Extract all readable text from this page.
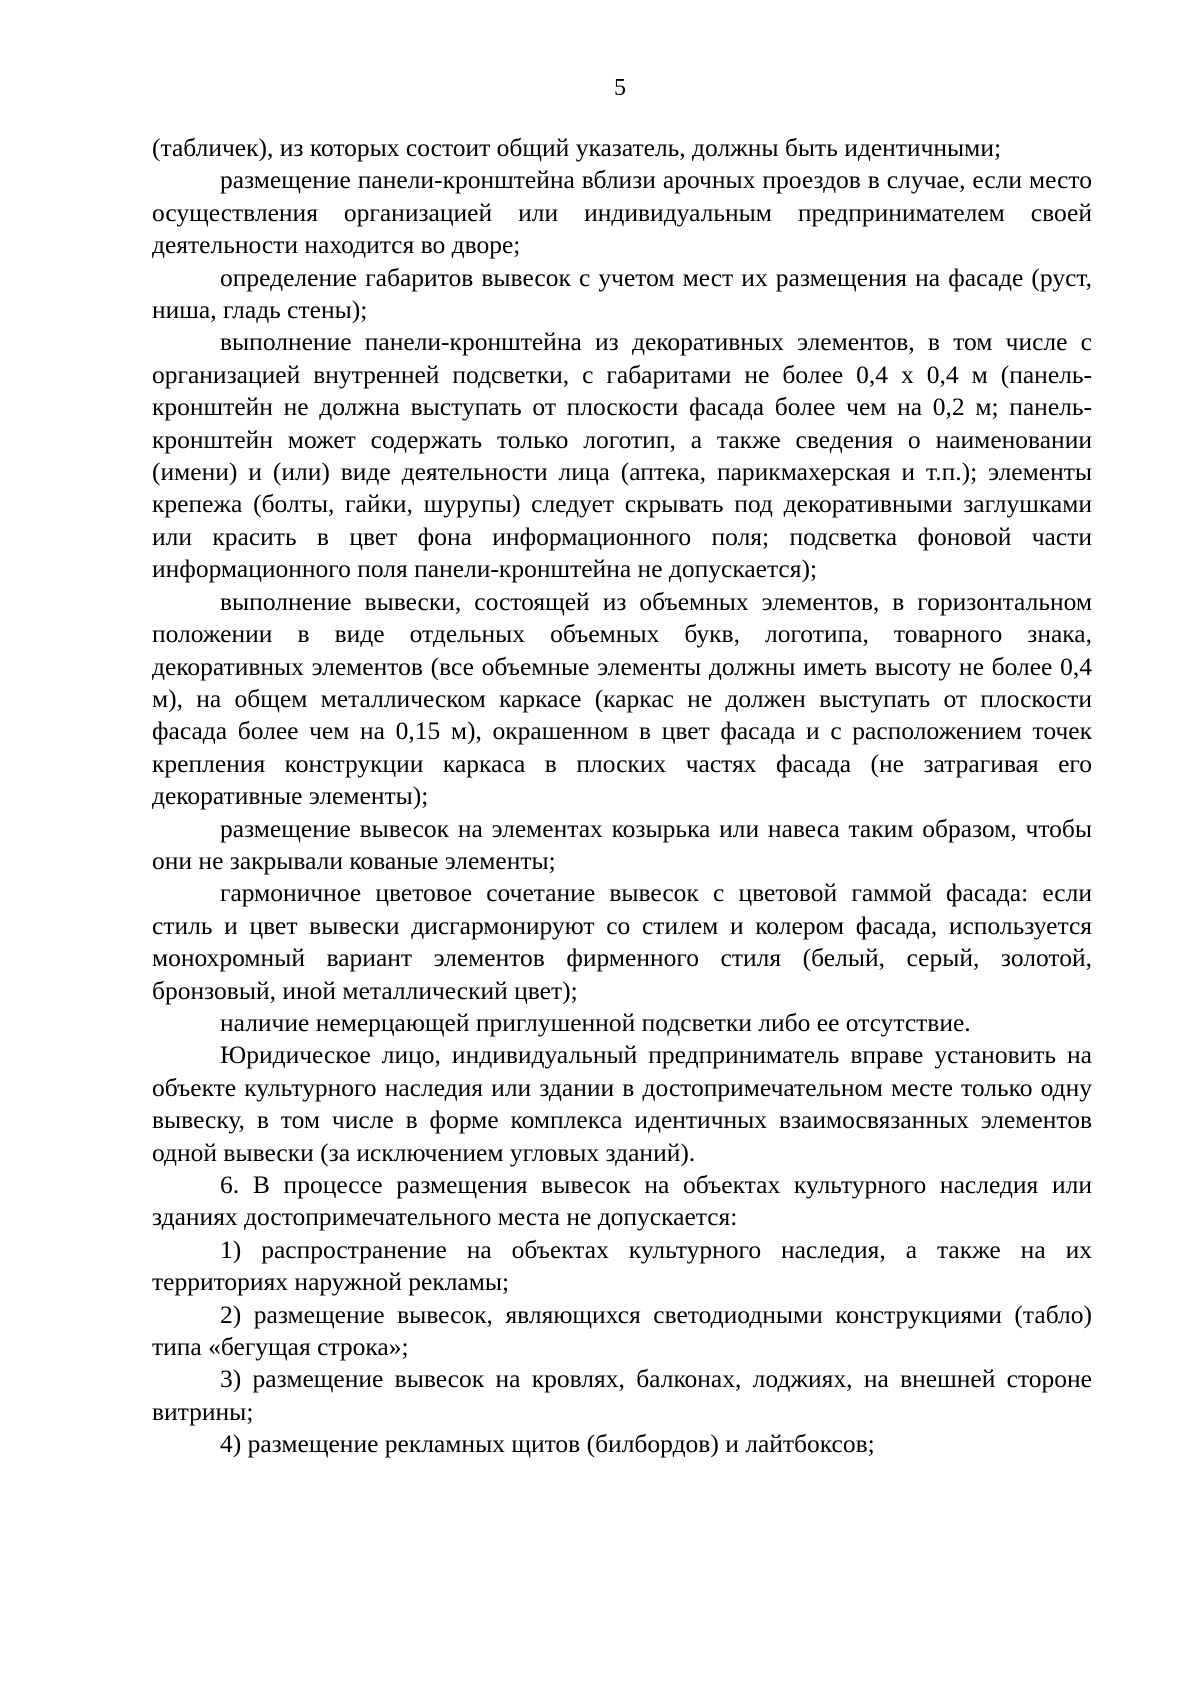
5

(табличек), из которых состоит общий указатель, должны быть идентичными;

размещение панели-кронштейна вблизи арочных проездов в случае, если место осуществления организацией или индивидуальным предпринимателем своей деятельности находится во дворе;

определение габаритов вывесок с учетом мест их размещения на фасаде (руст, ниша, гладь стены);

выполнение панели-кронштейна из декоративных элементов, в том числе с организацией внутренней подсветки, с габаритами не более 0,4 х 0,4 м (панель-кронштейн не должна выступать от плоскости фасада более чем на 0,2 м; панель-кронштейн может содержать только логотип, а также сведения о наименовании (имени) и (или) виде деятельности лица (аптека, парикмахерская и т.п.); элементы крепежа (болты, гайки, шурупы) следует скрывать под декоративными заглушками или красить в цвет фона информационного поля; подсветка фоновой части информационного поля панели-кронштейна не допускается);

выполнение вывески, состоящей из объемных элементов, в горизонтальном положении в виде отдельных объемных букв, логотипа, товарного знака, декоративных элементов (все объемные элементы должны иметь высоту не более 0,4 м), на общем металлическом каркасе (каркас не должен выступать от плоскости фасада более чем на 0,15 м), окрашенном в цвет фасада и с расположением точек крепления конструкции каркаса в плоских частях фасада (не затрагивая его декоративные элементы);

размещение вывесок на элементах козырька или навеса таким образом, чтобы они не закрывали кованые элементы;

гармоничное цветовое сочетание вывесок с цветовой гаммой фасада: если стиль и цвет вывески дисгармонируют со стилем и колером фасада, используется монохромный вариант элементов фирменного стиля (белый, серый, золотой, бронзовый, иной металлический цвет);

наличие немерцающей приглушенной подсветки либо ее отсутствие.

Юридическое лицо, индивидуальный предприниматель вправе установить на объекте культурного наследия или здании в достопримечательном месте только одну вывеску, в том числе в форме комплекса идентичных взаимосвязанных элементов одной вывески (за исключением угловых зданий).

6. В процессе размещения вывесок на объектах культурного наследия или зданиях достопримечательного места не допускается:

1) распространение на объектах культурного наследия, а также на их территориях наружной рекламы;

2) размещение вывесок, являющихся светодиодными конструкциями (табло) типа «бегущая строка»;

3) размещение вывесок на кровлях, балконах, лоджиях, на внешней стороне витрины;

4) размещение рекламных щитов (билбордов) и лайтбоксов;
